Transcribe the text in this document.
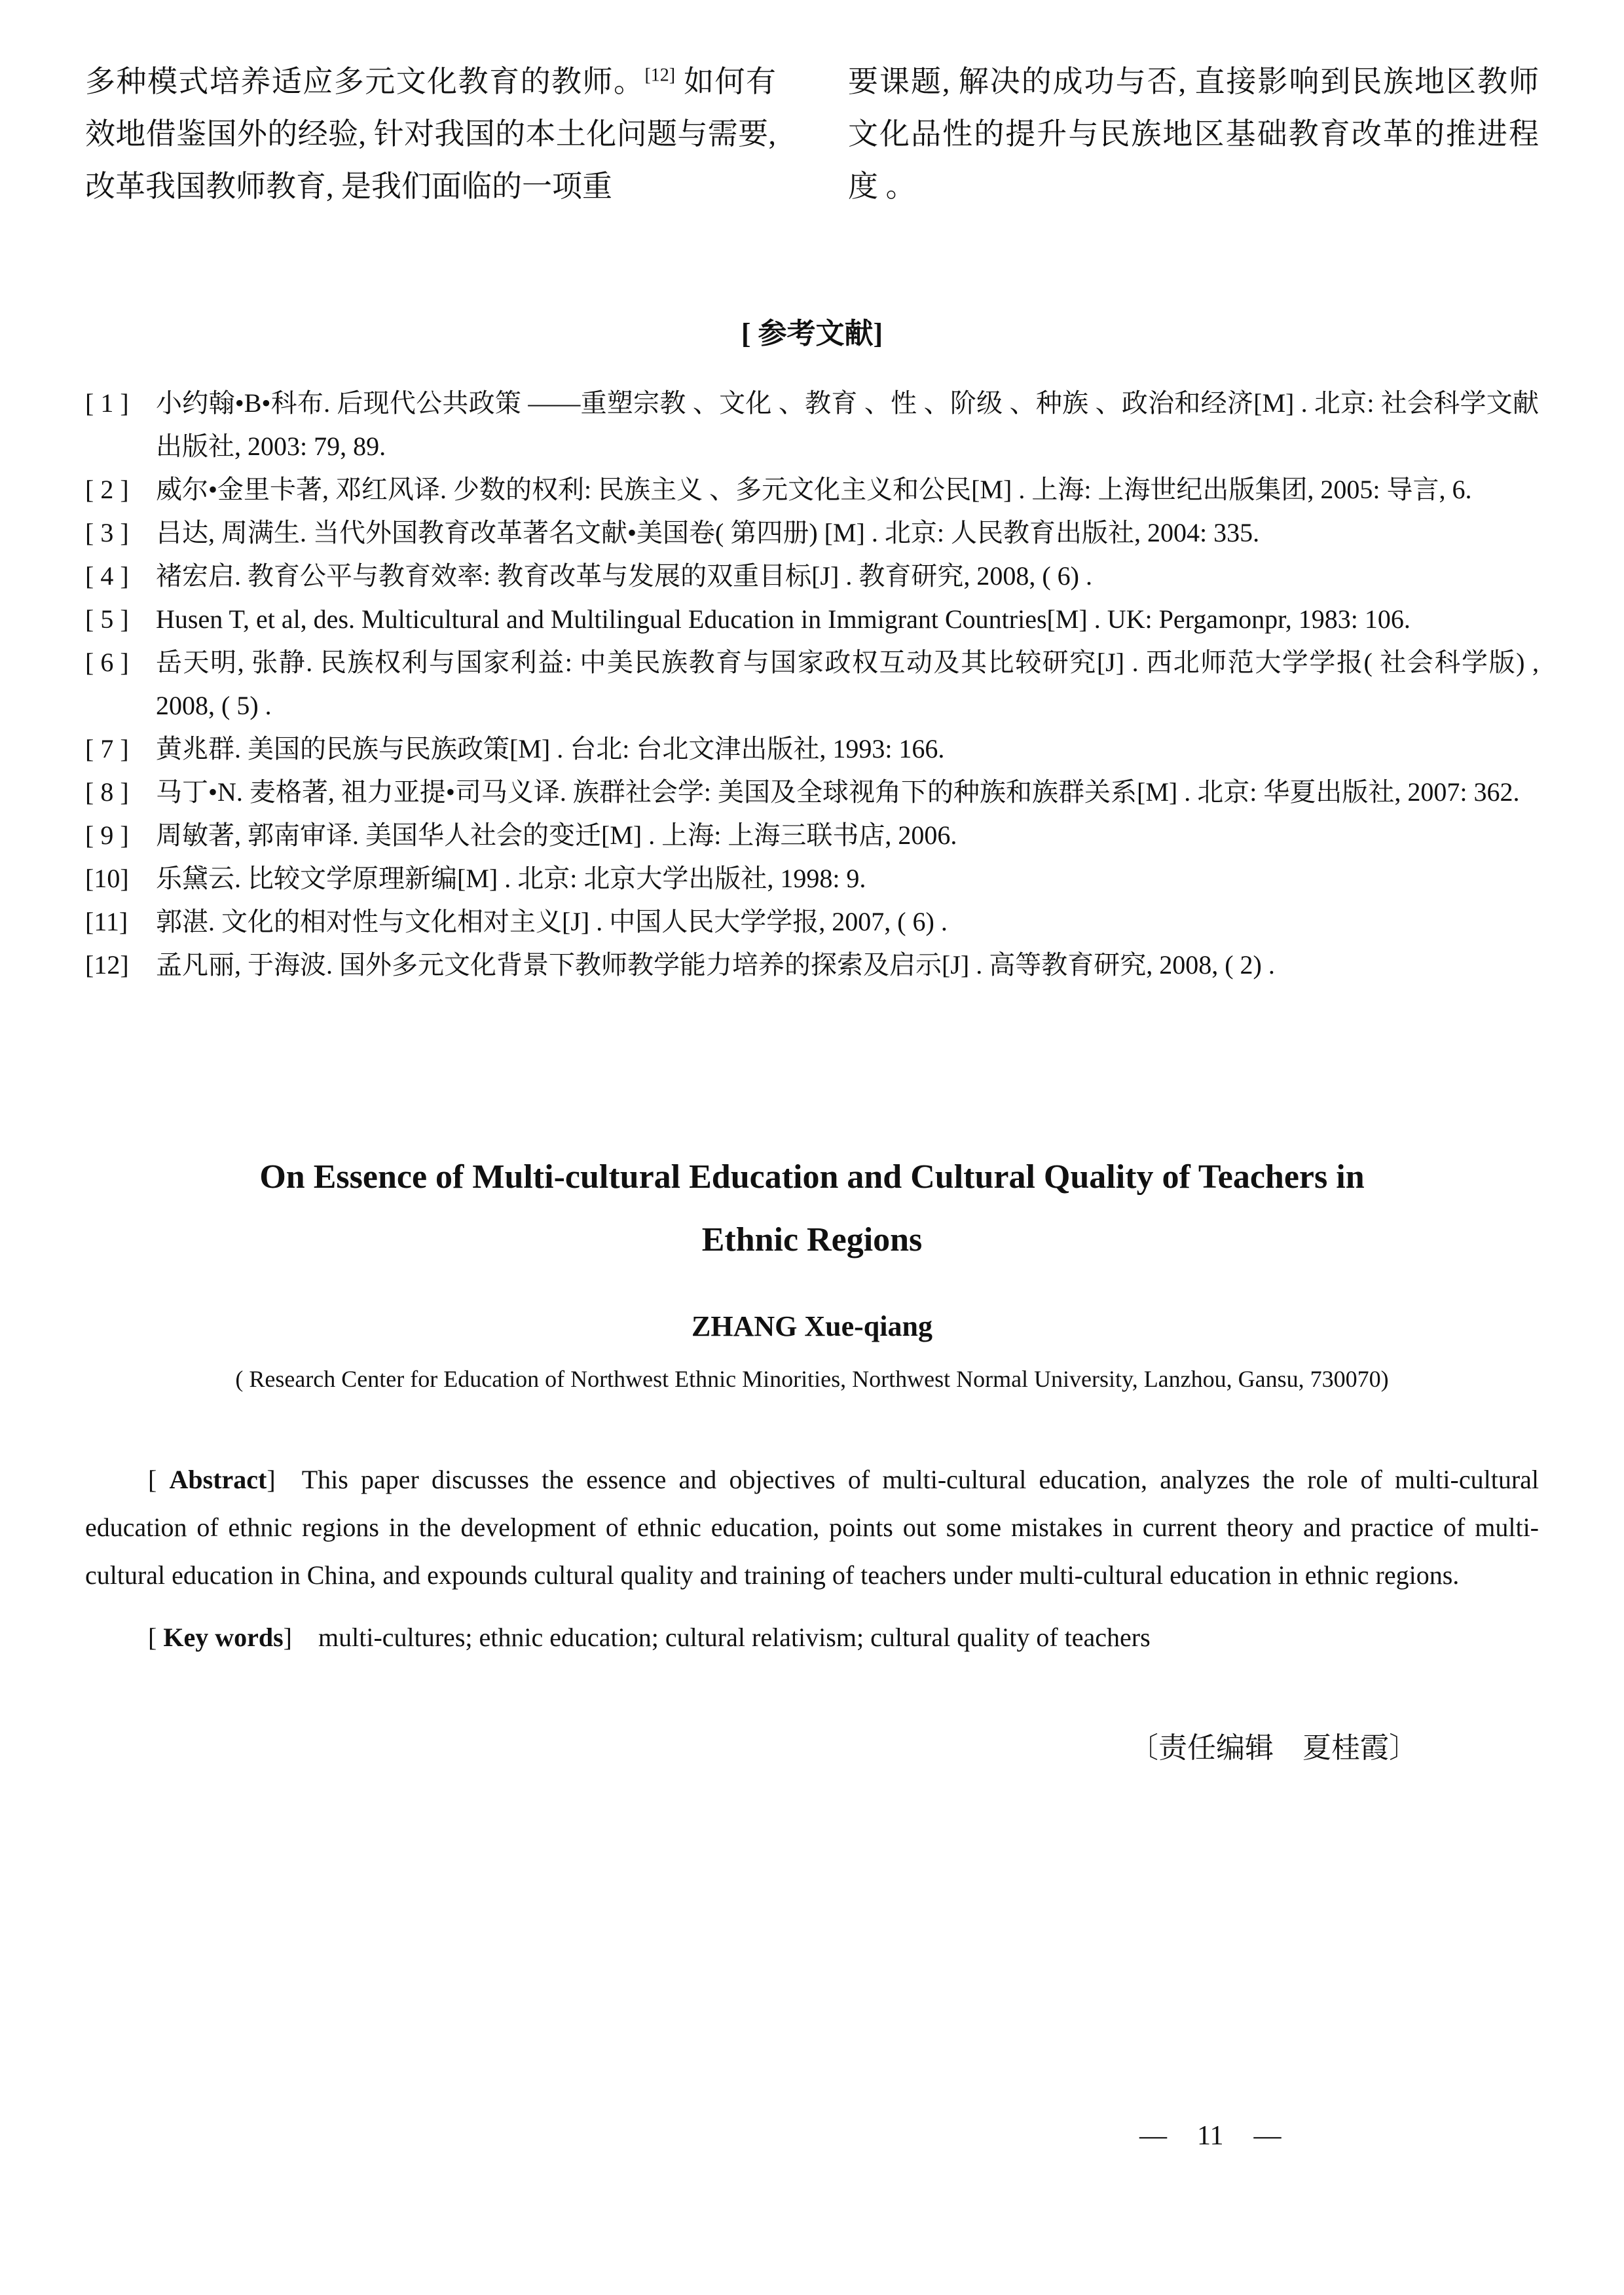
多种模式培养适应多元文化教育的教师。[12] 如何有效地借鉴国外的经验, 针对我国的本土化问题与需要, 改革我国教师教育, 是我们面临的一项重

要课题, 解决的成功与否, 直接影响到民族地区教师文化品性的提升与民族地区基础教育改革的推进程度 。

[ 参考文献]
[ 1 ]	小约翰•B•科布. 后现代公共政策 ——重塑宗教 、文化 、教育 、性 、阶级 、种族 、政治和经济[M] . 北京: 社会科学文献出版社, 2003: 79, 89.
[ 2 ]	威尔•金里卡著, 邓红风译. 少数的权利: 民族主义 、多元文化主义和公民[M] . 上海: 上海世纪出版集团, 2005: 导言, 6.
[ 3 ]	吕达, 周满生. 当代外国教育改革著名文献•美国卷( 第四册) [M] . 北京: 人民教育出版社, 2004: 335.
[ 4 ]	褚宏启. 教育公平与教育效率: 教育改革与发展的双重目标[J] . 教育研究, 2008, ( 6) .
[ 5 ]	Husen T, et al, des. Multicultural and Multilingual Education in Immigrant Countries[M] . UK: Pergamonpr, 1983: 106.
[ 6 ]	岳天明, 张静. 民族权利与国家利益: 中美民族教育与国家政权互动及其比较研究[J] . 西北师范大学学报( 社会科学版) , 2008, ( 5) .
[ 7 ]	黄兆群. 美国的民族与民族政策[M] . 台北: 台北文津出版社, 1993: 166.
[ 8 ]	马丁•N. 麦格著, 祖力亚提•司马义译. 族群社会学: 美国及全球视角下的种族和族群关系[M] . 北京: 华夏出版社, 2007: 362.
[ 9 ]	周敏著, 郭南审译. 美国华人社会的变迁[M] . 上海: 上海三联书店, 2006.
[10]	乐黛云. 比较文学原理新编[M] . 北京: 北京大学出版社, 1998: 9.
[11]	郭湛. 文化的相对性与文化相对主义[J] . 中国人民大学学报, 2007, ( 6) .
[12]	孟凡丽, 于海波. 国外多元文化背景下教师教学能力培养的探索及启示[J] . 高等教育研究, 2008, ( 2) .
On Essence of Multi-cultural Education and Cultural Quality of Teachers in Ethnic Regions
ZHANG Xue-qiang
( Research Center for Education of Northwest Ethnic Minorities, Northwest Normal University, Lanzhou, Gansu, 730070)

[ Abstract] This paper discusses the essence and objectives of multi-cultural education, analyzes the role of multi-cultural education of ethnic regions in the development of ethnic education, points out some mistakes in current theory and practice of multi-cultural education in China, and expounds cultural quality and training of teachers under multi-cultural education in ethnic regions.

[ Key words] multi-cultures; ethnic education; cultural relativism; cultural quality of teachers

〔责任编辑　夏桂霞〕
— 11 —
